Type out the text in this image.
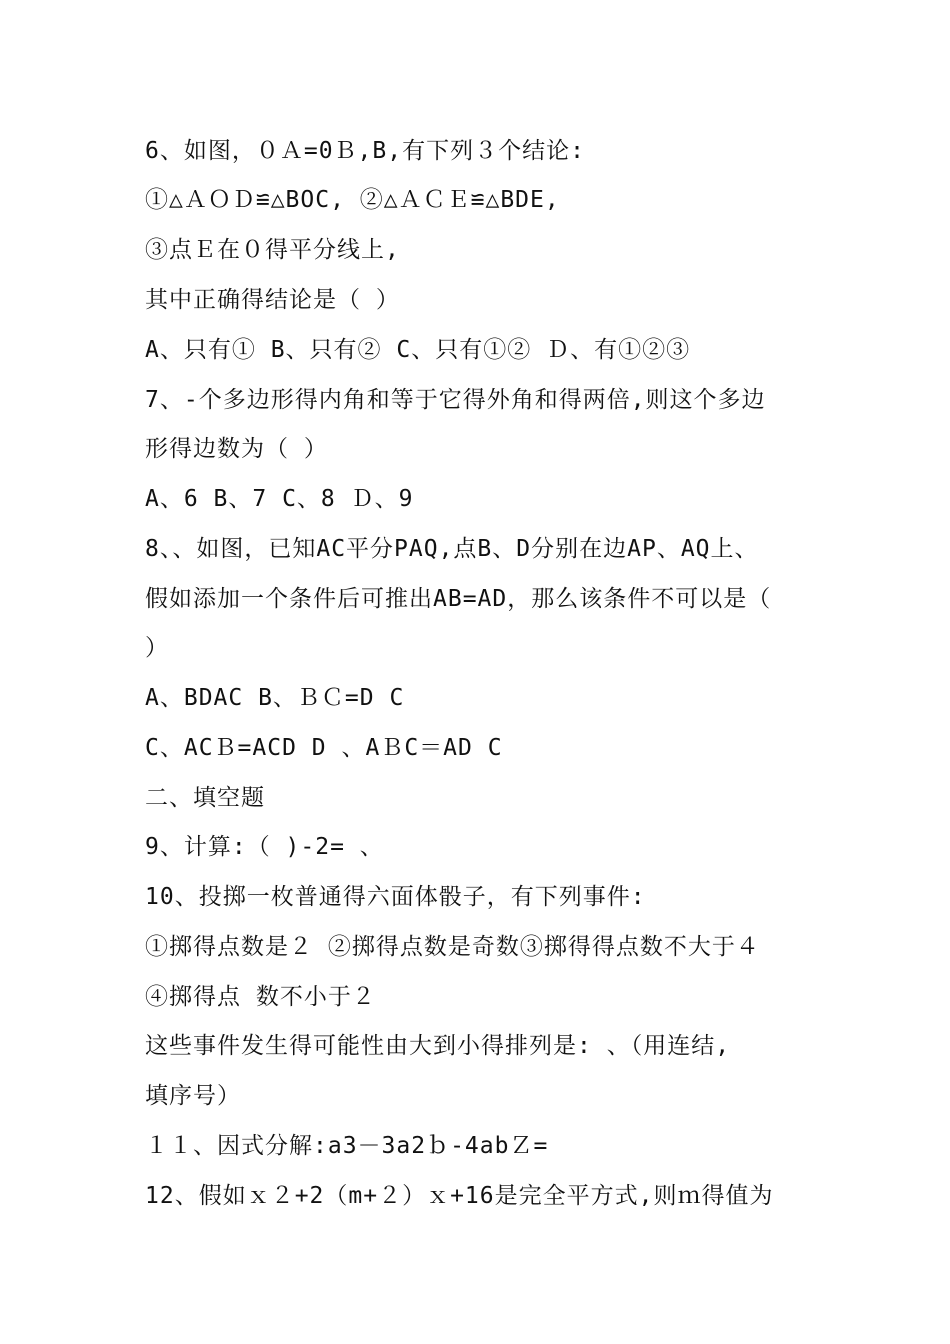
6、如图，０Ａ=0Ｂ,B,有下列３个结论:
①△ＡＯＤ≌△BOC, ②△ＡＣＥ≌△BDE,
③点Ｅ在０得平分线上,
其中正确得结论是（ ）
A、只有① B、只有② C、只有①② Ｄ、有①②③
7、-个多边形得内角和等于它得外角和得两倍,则这个多边
形得边数为（ ）
A、6 B、7 C、8 Ｄ、9
8、、如图，已知AC平分PAQ,点B、D分别在边AP、AQ上、
假如添加一个条件后可推出AB=AD，那么该条件不可以是（
）
A、BDAC B、ＢＣ=D C
C、ACＢ=ACD D 、AＢC＝AD C
二、填空题
9、计算:（ )-2= 、
10、投掷一枚普通得六面体骰子，有下列事件:
①掷得点数是２ ②掷得点数是奇数③掷得得点数不大于４
④掷得点 数不小于２
这些事件发生得可能性由大到小得排列是: 、（用连结,
填序号）
１１、因式分解:a3－3a2ｂ-4abＺ=
12、假如ｘ２+2（m+２）ｘ+16是完全平方式,则ｍ得值为
